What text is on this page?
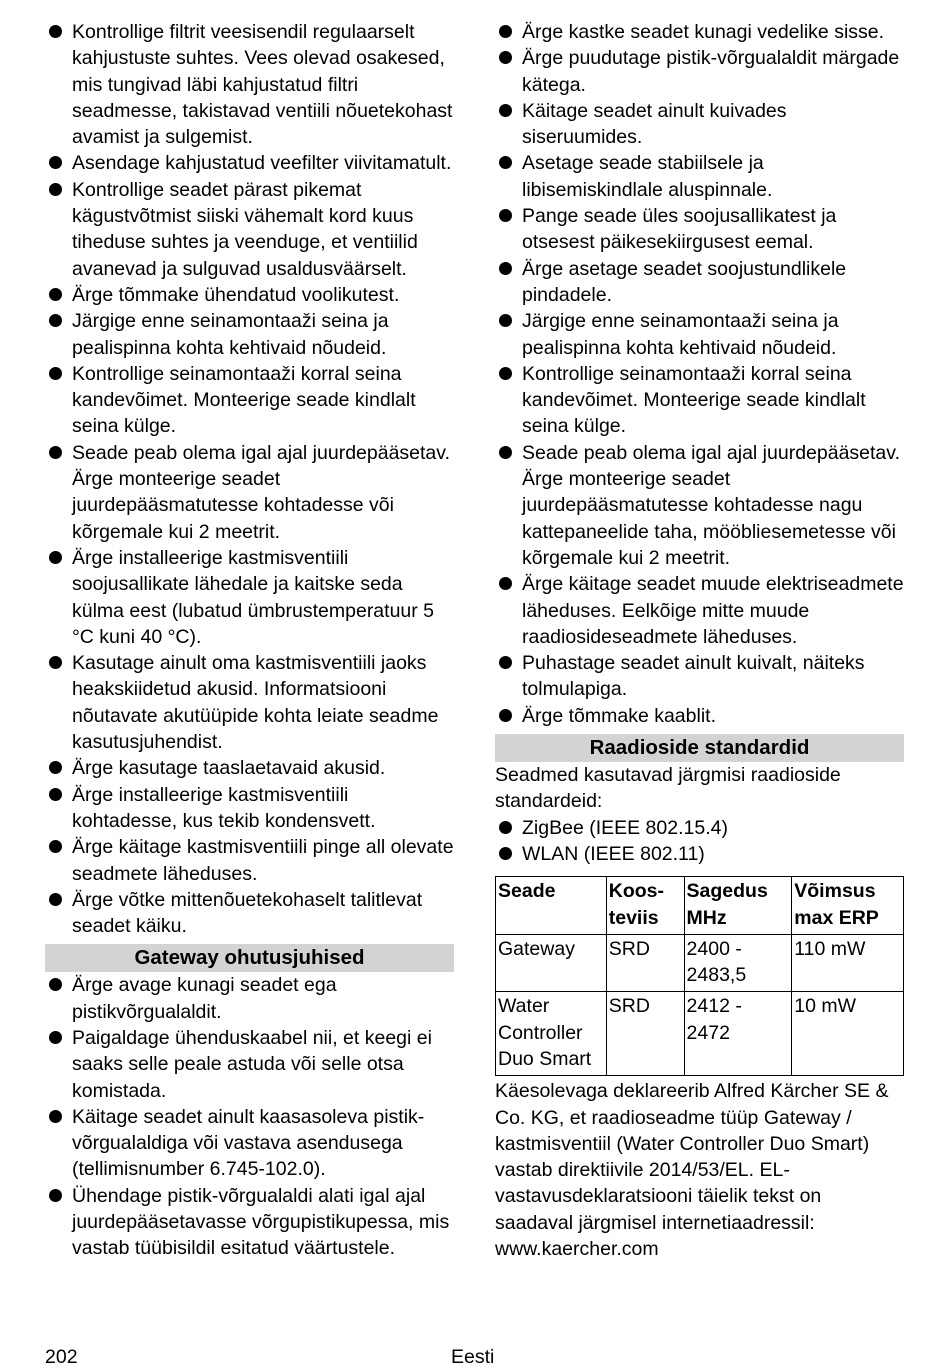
Kontrollige filtrit veesisendil regulaarselt kahjustuste suhtes. Vees olevad osakesed, mis tungivad läbi kahjustatud filtri seadmesse, takistavad ventiili nõuetekohast avamist ja sulgemist.
Asendage kahjustatud veefilter viivitamatult.
Kontrollige seadet pärast pikemat kägustvõtmist siiski vähemalt kord kuus tiheduse suhtes ja veenduge, et ventiilid avanevad ja sulguvad usaldusväärselt.
Ärge tõmmake ühendatud voolikutest.
Järgige enne seinamontaaži seina ja pealispinna kohta kehtivaid nõudeid.
Kontrollige seinamontaaži korral seina kandevõimet. Monteerige seade kindlalt seina külge.
Seade peab olema igal ajal juurdepääsetav. Ärge monteerige seadet juurdepääsmatutesse kohtadesse või kõrgemale kui 2 meetrit.
Ärge installeerige kastmisventiili soojusallikate lähedale ja kaitske seda külma eest (lubatud ümbrustemperatuur 5 °C kuni 40 °C).
Kasutage ainult oma kastmisventiili jaoks heakskiidetud akusid. Informatsiooni nõutavate akutüüpide kohta leiate seadme kasutusjuhendist.
Ärge kasutage taaslaetavaid akusid.
Ärge installeerige kastmisventiili kohtadesse, kus tekib kondensvett.
Ärge käitage kastmisventiili pinge all olevate seadmete läheduses.
Ärge võtke mittenõuetekohaselt talitlevat seadet käiku.
Gateway ohutusjuhised
Ärge avage kunagi seadet ega pistikvõrgualaldit.
Paigaldage ühenduskaabel nii, et keegi ei saaks selle peale astuda või selle otsa komistada.
Käitage seadet ainult kaasasoleva pistik-võrgualaldiga või vastava asendusega (tellimisnumber 6.745-102.0).
Ühendage pistik-võrgualaldi alati igal ajal juurdepääsetavasse võrgupistikupessa, mis vastab tüübisildil esitatud väärtustele.
Ärge kastke seadet kunagi vedelike sisse.
Ärge puudutage pistik-võrgualaldit märgade kätega.
Käitage seadet ainult kuivades siseruumides.
Asetage seade stabiilsele ja libisemiskindlale aluspinnale.
Pange seade üles soojusallikatest ja otsesest päikesekiirgusest eemal.
Ärge asetage seadet soojustundlikele pindadele.
Järgige enne seinamontaaži seina ja pealispinna kohta kehtivaid nõudeid.
Kontrollige seinamontaaži korral seina kandevõimet. Monteerige seade kindlalt seina külge.
Seade peab olema igal ajal juurdepääsetav. Ärge monteerige seadet juurdepääsmatutesse kohtadesse nagu kattepaneelide taha, mööbliesemetesse või kõrgemale kui 2 meetrit.
Ärge käitage seadet muude elektriseadmete läheduses. Eelkõige mitte muude raadiosideseadmete läheduses.
Puhastage seadet ainult kuivalt, näiteks tolmulapiga.
Ärge tõmmake kaablit.
Raadioside standardid

Seadmed kasutavad järgmisi raadioside standardeid:

ZigBee (IEEE 802.15.4)
WLAN (IEEE 802.11)
Seade	Koosteviis	Sagedus MHz	Võimsus max ERP
Gateway	SRD	2400 - 2483,5	110 mW
Water Controller Duo Smart	SRD	2412 - 2472	10 mW

Käesolevaga deklareerib Alfred Kärcher SE & Co. KG, et raadioseadme tüüp Gateway / kastmisventiil (Water Controller Duo Smart) vastab direktiivile 2014/53/EL. EL-vastavusdeklaratsiooni täielik tekst on saadaval järgmisel internetiaadressil: www.kaercher.com

202	Eesti
